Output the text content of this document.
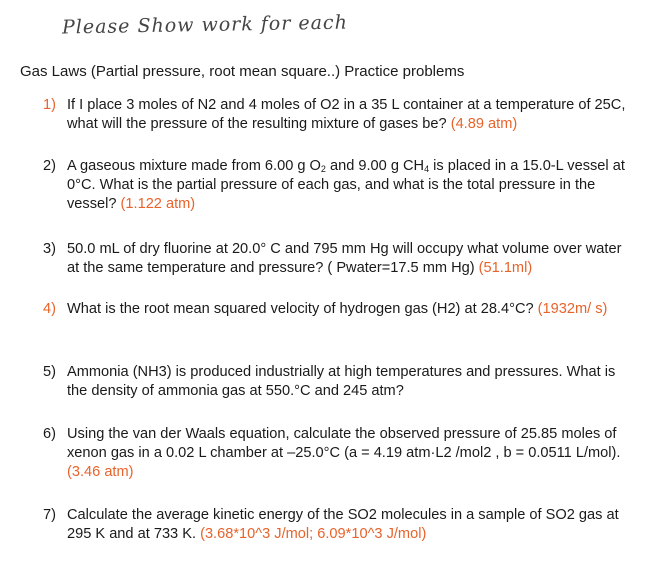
Please Show work for each
Gas Laws (Partial pressure, root mean square..) Practice problems
1) If I place 3 moles of N2 and 4 moles of O2 in a 35 L container at a temperature of 25C, what will the pressure of the resulting mixture of gases be? (4.89 atm)
2) A gaseous mixture made from 6.00 g $O_2$ and 9.00 g $CH_4$ is placed in a 15.0-L vessel at 0°C. What is the partial pressure of each gas, and what is the total pressure in the vessel? (1.122 atm)
3) 50.0 mL of dry fluorine at 20.0° C and 795 mm Hg will occupy what volume over water at the same temperature and pressure? ( Pwater=17.5 mm Hg) (51.1ml)
4) What is the root mean squared velocity of hydrogen gas (H2) at 28.4°C? (1932m/ s)
5) Ammonia (NH3) is produced industrially at high temperatures and pressures. What is the density of ammonia gas at 550.°C and 245 atm?
6) Using the van der Waals equation, calculate the observed pressure of 25.85 moles of xenon gas in a 0.02 L chamber at –25.0°C (a = 4.19 atm·L2 /mol2 , b = 0.0511 L/mol). (3.46 atm)
7) Calculate the average kinetic energy of the SO2 molecules in a sample of SO2 gas at 295 K and at 733 K. (3.68*10^3 J/mol; 6.09*10^3 J/mol)
